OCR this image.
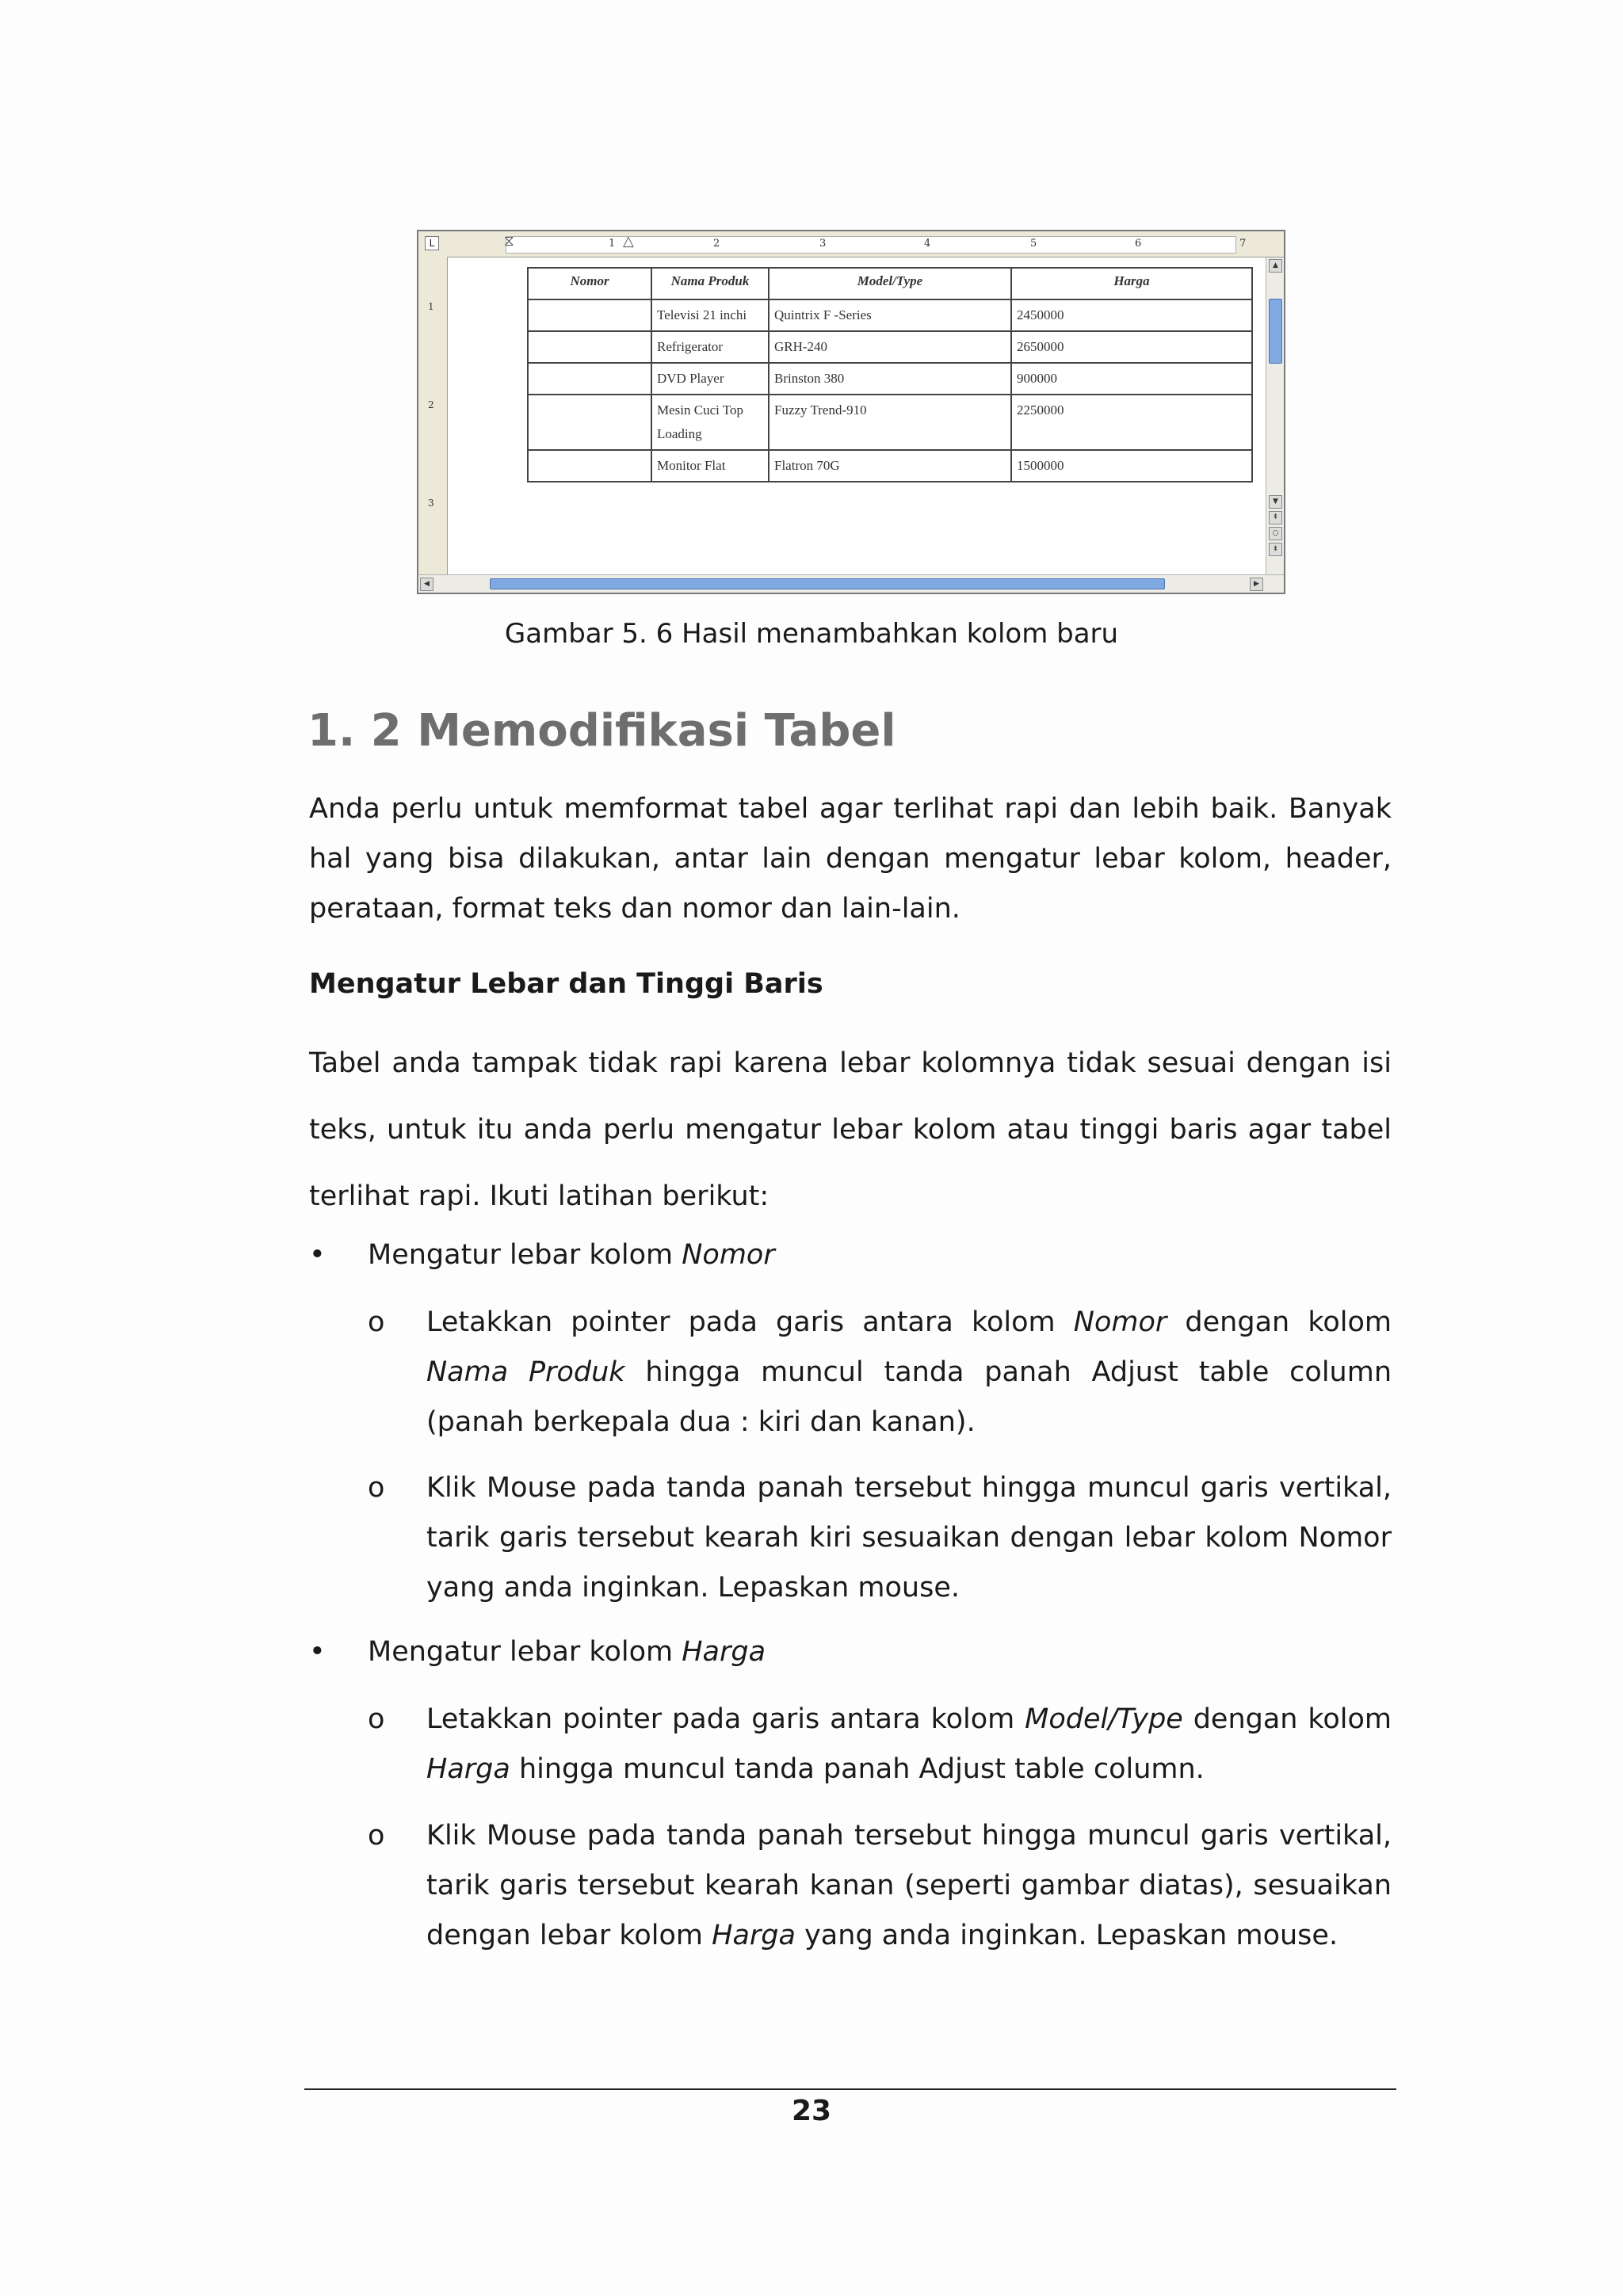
L	⧖	△
1	2	3	4	5	6	7
1
2
3
Nomor	Nama Produk	Model/Type	Harga
	Televisi 21 inchi	Quintrix F -Series	2450000
	Refrigerator	GRH-240	2650000
	DVD Player	Brinston 380	900000
	Mesin Cuci Top Loading	Fuzzy Trend-910	2250000
	Monitor Flat	Flatron 70G	1500000
▲
▼
⇞
○
⇟
◀	▶
Gambar 5. 6 Hasil menambahkan kolom baru
1. 2 Memodifikasi Tabel
Anda perlu untuk memformat tabel agar terlihat rapi dan lebih baik. Banyak hal yang bisa dilakukan, antar lain dengan mengatur lebar kolom, header, perataan, format teks dan nomor dan lain-lain.
Mengatur Lebar dan Tinggi Baris
Tabel anda tampak tidak rapi karena lebar kolomnya tidak sesuai dengan isi teks, untuk itu anda perlu mengatur lebar kolom atau tinggi baris agar tabel terlihat rapi. Ikuti latihan berikut:
• Mengatur lebar kolom Nomor
o Letakkan pointer pada garis antara kolom Nomor dengan kolom Nama Produk hingga muncul tanda panah Adjust table column (panah berkepala dua : kiri dan kanan).
o Klik Mouse pada tanda panah tersebut hingga muncul garis vertikal, tarik garis tersebut kearah kiri sesuaikan dengan lebar kolom Nomor yang anda inginkan. Lepaskan mouse.
• Mengatur lebar kolom Harga
o Letakkan pointer pada garis antara kolom Model/Type dengan kolom Harga hingga muncul tanda panah Adjust table column.
o Klik Mouse pada tanda panah tersebut hingga muncul garis vertikal, tarik garis tersebut kearah kanan (seperti gambar diatas), sesuaikan dengan lebar kolom Harga yang anda inginkan. Lepaskan mouse.
23
